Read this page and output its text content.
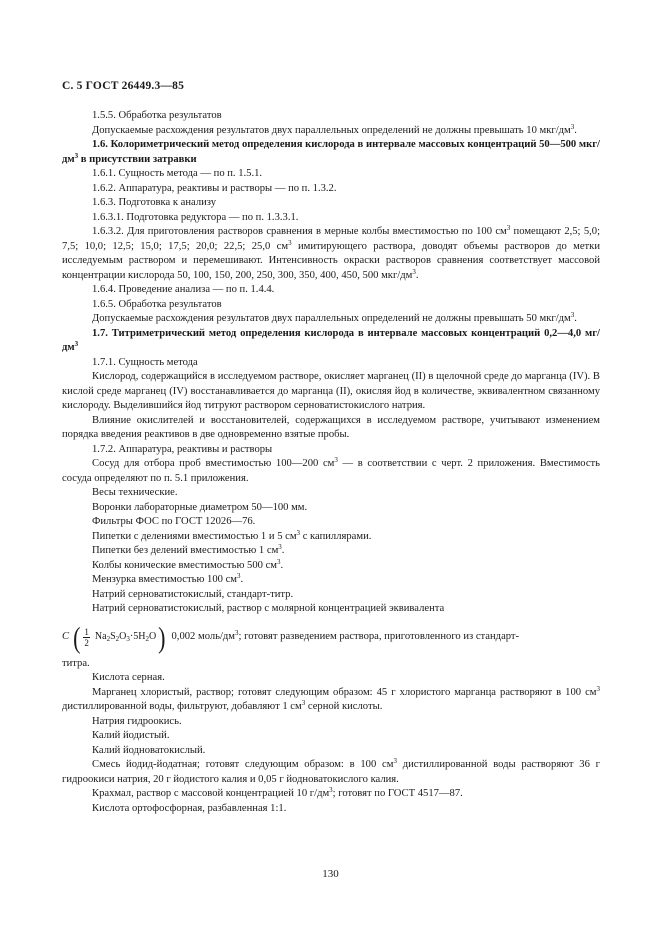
С. 5 ГОСТ 26449.3—85

1.5.5. Обработка результатов

Допускаемые расхождения результатов двух параллельных определений не должны превышать 10 мкг/$дм^3$.

1.6. Колориметрический метод определения кислорода в интервале массовых концентраций 50—500 мкг/$дм^3$ в присутствии затравки

1.6.1. Сущность метода — по п. 1.5.1.

1.6.2. Аппаратура, реактивы и растворы — по п. 1.3.2.

1.6.3. Подготовка к анализу

1.6.3.1. Подготовка редуктора — по п. 1.3.3.1.

1.6.3.2. Для приготовления растворов сравнения в мерные колбы вместимостью по 100 $см^3$ помещают 2,5; 5,0; 7,5; 10,0; 12,5; 15,0; 17,5; 20,0; 22,5; 25,0 $см^3$ имитирующего раствора, доводят объемы растворов до метки исследуемым раствором и перемешивают. Интенсивность окраски растворов сравнения соответствует массовой концентрации кислорода 50, 100, 150, 200, 250, 300, 350, 400, 450, 500 мкг/$дм^3$.

1.6.4. Проведение анализа — по п. 1.4.4.

1.6.5. Обработка результатов

Допускаемые расхождения результатов двух параллельных определений не должны превышать 50 мкг/$дм^3$.

1.7. Титриметрический метод определения кислорода в интервале массовых концентраций 0,2—4,0 $мг/дм^3$

1.7.1. Сущность метода

Кислород, содержащийся в исследуемом растворе, окисляет марганец (II) в щелочной среде до марганца (IV). В кислой среде марганец (IV) восстанавливается до марганца (II), окисляя йод в количестве, эквивалентном связанному кислороду. Выделившийся йод титруют раствором серноватистокислого натрия.

Влияние окислителей и восстановителей, содержащихся в исследуемом растворе, учитывают изменением порядка введения реактивов в две одновременно взятые пробы.

1.7.2. Аппаратура, реактивы и растворы

Сосуд для отбора проб вместимостью 100—200 $см^3$ — в соответствии с черт. 2 приложения. Вместимость сосуда определяют по п. 5.1 приложения.

Весы технические.

Воронки лабораторные диаметром 50—100 мм.

Фильтры ФОС по ГОСТ 12026—76.

Пипетки с делениями вместимостью 1 и 5 $см^3$ с капиллярами.

Пипетки без делений вместимостью 1 $см^3$.

Колбы конические вместимостью 500 $см^3$.

Мензурка вместимостью 100 $см^3$.

Натрий серноватистокислый, стандарт-титр.

Натрий серноватистокислый, раствор с молярной концентрацией эквивалента

C ( $\frac{1}{2} Na_2S_2O_3\cdot 5H_2O$ ) 0,002 моль/$дм^3$; готовят разведением раствора, приготовленного из стандарт-

титра.

Кислота серная.

Марганец хлористый, раствор; готовят следующим образом: 45 г хлористого марганца растворяют в 100 $см^3$ дистиллированной воды, фильтруют, добавляют 1 $см^3$ серной кислоты.

Натрия гидроокись.

Калий йодистый.

Калий йодноватокислый.

Смесь йодид-йодатная; готовят следующим образом: в 100 $см^3$ дистиллированной воды растворяют 36 г гидроокиси натрия, 20 г йодистого калия и 0,05 г йодноватокислого калия.

Крахмал, раствор с массовой концентрацией 10 $г/дм^3$; готовят по ГОСТ 4517—87.

Кислота ортофосфорная, разбавленная 1:1.

130
